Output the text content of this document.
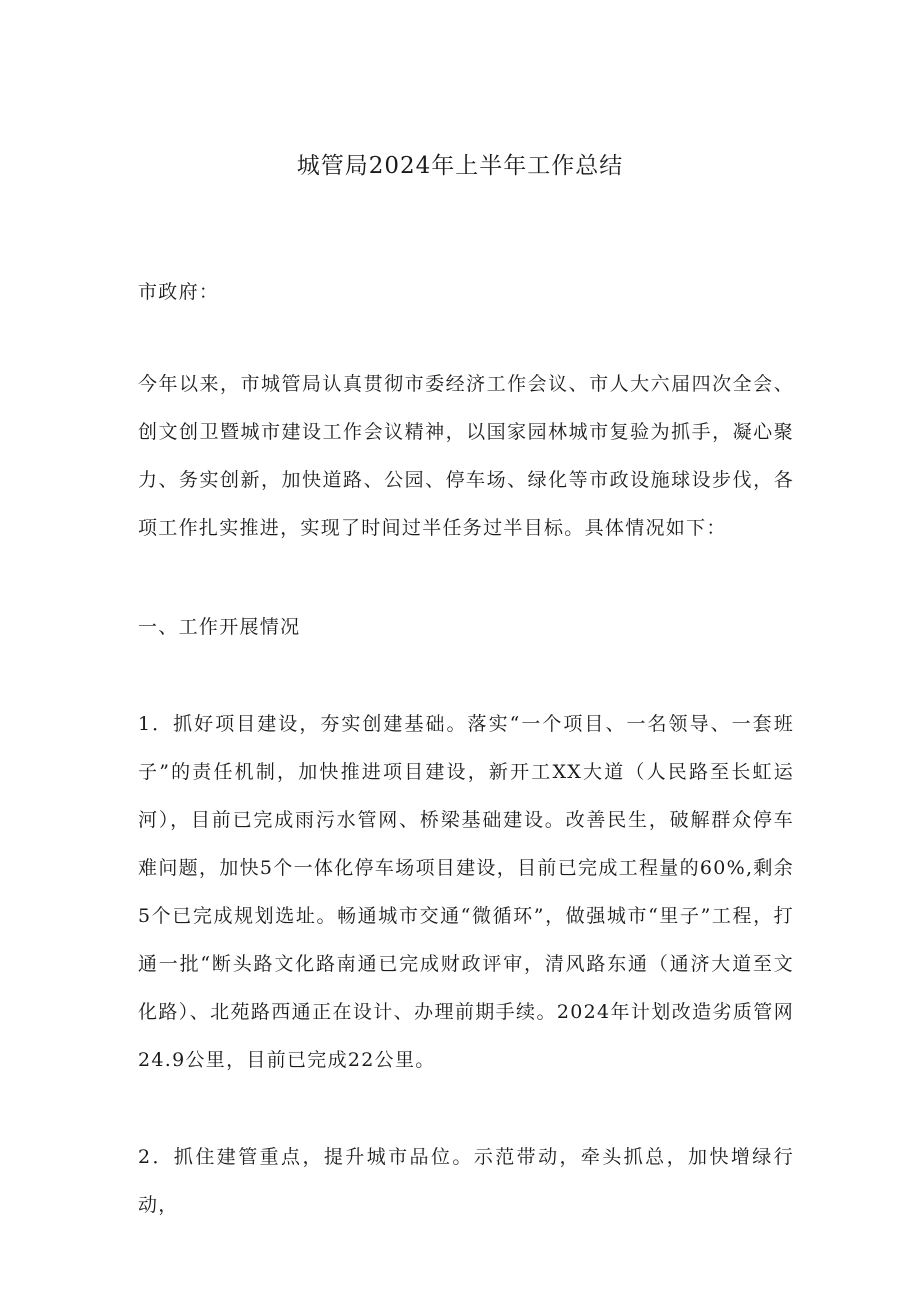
城管局2024年上半年工作总结

市政府：

今年以来，市城管局认真贯彻市委经济工作会议、市人大六届四次全会、创文创卫暨城市建设工作会议精神，以国家园林城市复验为抓手，凝心聚力、务实创新，加快道路、公园、停车场、绿化等市政设施球设步伐，各项工作扎实推进，实现了时间过半任务过半目标。具体情况如下：

一、工作开展情况

1．抓好项目建设，夯实创建基础。落实“一个项目、一名领导、一套班子”的责任机制，加快推进项目建设，新开工XX大道（人民路至长虹运河），目前已完成雨污水管网、桥梁基础建设。改善民生，破解群众停车难问题，加快5个一体化停车场项目建设，目前已完成工程量的60%,剩余5个已完成规划选址。畅通城市交通“微循环”，做强城市“里子”工程，打通一批“断头路文化路南通已完成财政评审，清风路东通（通济大道至文化路）、北苑路西通正在设计、办理前期手续。2024年计划改造劣质管网24.9公里，目前已完成22公里。

2．抓住建管重点，提升城市品位。示范带动，牵头抓总，加快增绿行动，
